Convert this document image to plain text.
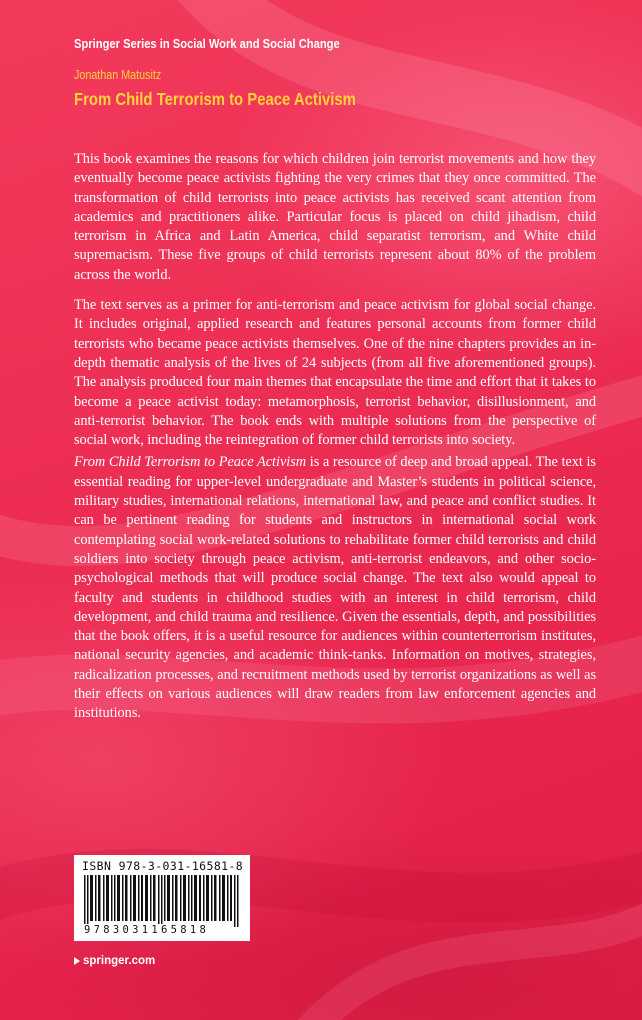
Springer Series in Social Work and Social Change

Jonathan Matusitz

From Child Terrorism to Peace Activism

This book examines the reasons for which children join terrorist movements and how they eventually become peace activists fighting the very crimes that they once committed. The transformation of child terrorists into peace activists has received scant attention from academics and practitioners alike. Particular focus is placed on child jihadism, child terrorism in Africa and Latin America, child separatist terrorism, and White child supremacism. These five groups of child terrorists represent about 80% of the problem across the world.

The text serves as a primer for anti-terrorism and peace activism for global social change. It includes original, applied research and features personal accounts from former child terrorists who became peace activists themselves. One of the nine chapters provides an in-depth thematic analysis of the lives of 24 subjects (from all five aforementioned groups). The analysis produced four main themes that encapsulate the time and effort that it takes to become a peace activist today: metamorphosis, terrorist behavior, disillusionment, and anti-terrorist behavior. The book ends with multiple solutions from the perspective of social work, including the reintegration of former child terrorists into society.

From Child Terrorism to Peace Activism is a resource of deep and broad appeal. The text is essential reading for upper-level undergraduate and Master’s students in political science, military studies, international relations, international law, and peace and conflict studies. It can be pertinent reading for students and instructors in international social work contemplating social work-related solutions to rehabilitate former child terrorists and child soldiers into society through peace activism, anti-terrorist endeavors, and other socio-psychological methods that will produce social change. The text also would appeal to faculty and students in childhood studies with an interest in child terrorism, child development, and child trauma and resilience. Given the essentials, depth, and possibilities that the book offers, it is a useful resource for audiences within counterterrorism institutes, national security agencies, and academic think-tanks. Information on motives, strategies, radicalization processes, and recruitment methods used by terrorist organizations as well as their effects on various audiences will draw readers from law enforcement agencies and institutions.

ISBN 978-3-031-16581-8

9783031165818

springer.com
